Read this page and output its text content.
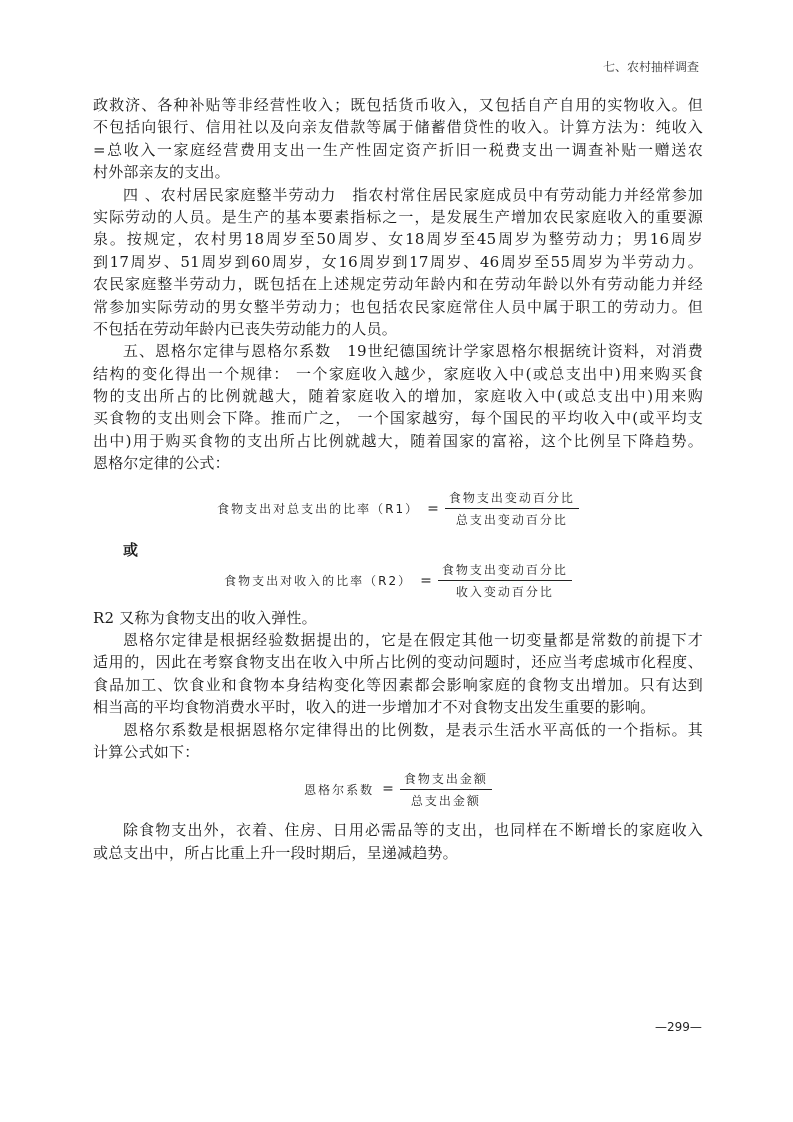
七、农村抽样调查
政救济、各种补贴等非经营性收入；既包括货币收入，又包括自产自用的实物收入。但
不包括向银行、信用社以及向亲友借款等属于储蓄借贷性的收入。计算方法为：纯收入
=总收入一家庭经营费用支出一生产性固定资产折旧一税费支出一调查补贴一赠送农
村外部亲友的支出。
四 、农村居民家庭整半劳动力　指农村常住居民家庭成员中有劳动能力并经常参加
实际劳动的人员。是生产的基本要素指标之一，是发展生产增加农民家庭收入的重要源
泉。按规定，农村男18周岁至50周岁、女18周岁至45周岁为整劳动力；男16周岁
到17周岁、51周岁到60周岁，女16周岁到17周岁、46周岁至55周岁为半劳动力。
农民家庭整半劳动力，既包括在上述规定劳动年龄内和在劳动年龄以外有劳动能力并经
常参加实际劳动的男女整半劳动力；也包括农民家庭常住人员中属于职工的劳动力。但
不包括在劳动年龄内已丧失劳动能力的人员。
五、恩格尔定律与恩格尔系数　19世纪德国统计学家恩格尔根据统计资料，对消费
结构的变化得出一个规律： 一个家庭收入越少，家庭收入中(或总支出中)用来购买食
物的支出所占的比例就越大，随着家庭收入的增加，家庭收入中(或总支出中)用来购
买食物的支出则会下降。推而广之， 一个国家越穷，每个国民的平均收入中(或平均支
出中)用于购买食物的支出所占比例就越大，随着国家的富裕，这个比例呈下降趋势。
恩格尔定律的公式：
食物支出对总支出的比率$(R1) = \frac{\text{食物支出变动百分比}}{\text{总支出变动百分比}}$
或
食物支出对收入的比率$(R2) = \frac{\text{食物支出变动百分比}}{\text{收入变动百分比}}$
R2 又称为食物支出的收入弹性。
恩格尔定律是根据经验数据提出的，它是在假定其他一切变量都是常数的前提下才
适用的，因此在考察食物支出在收入中所占比例的变动问题时，还应当考虑城市化程度、
食品加工、饮食业和食物本身结构变化等因素都会影响家庭的食物支出增加。只有达到
相当高的平均食物消费水平时，收入的进一步增加才不对食物支出发生重要的影响。
恩格尔系数是根据恩格尔定律得出的比例数，是表示生活水平高低的一个指标。其
计算公式如下：
恩格尔系数 = $\frac{\text{食物支出金额}}{\text{总支出金额}}$
除食物支出外，衣着、住房、日用必需品等的支出，也同样在不断增长的家庭收入
或总支出中，所占比重上升一段时期后，呈递减趋势。
—299—
